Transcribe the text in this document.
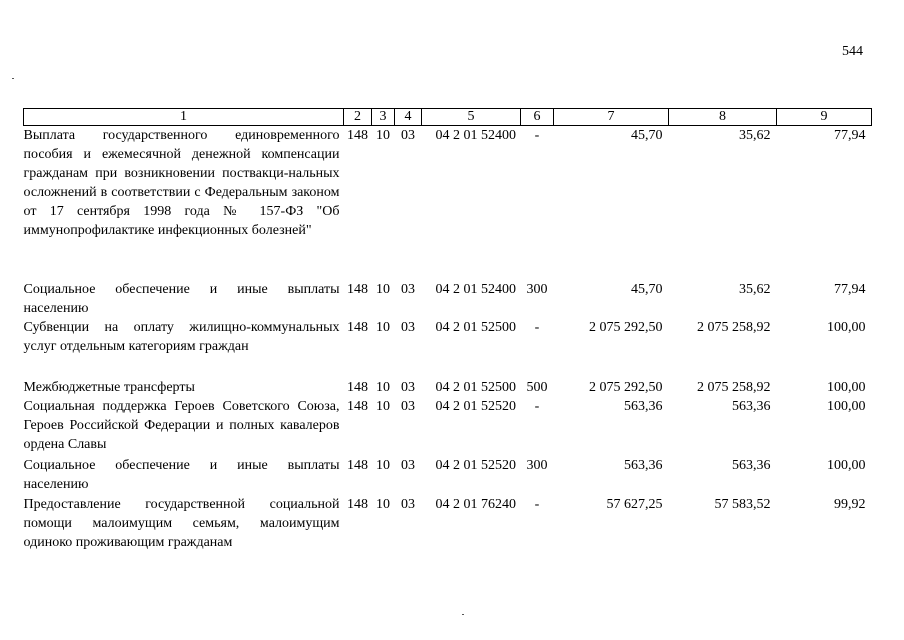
544
1	2	3	4	5	6	7	8	9
Выплата государственного единовременного пособия и ежемесячной денежной компенсации гражданам при возникновении поствакци-нальных осложнений в соответствии с Федеральным законом от 17 сентября 1998 года № 157-ФЗ "Об иммунопрофилактике инфекционных болезней"	148	10	03	04 2 01 52400	-	45,70	35,62	77,94
Социальное обеспечение и иные выплаты населению	148	10	03	04 2 01 52400	300	45,70	35,62	77,94
Субвенции на оплату жилищно-коммунальных услуг отдельным категориям граждан	148	10	03	04 2 01 52500	-	2 075 292,50	2 075 258,92	100,00
Межбюджетные трансферты	148	10	03	04 2 01 52500	500	2 075 292,50	2 075 258,92	100,00
Социальная поддержка Героев Советского Союза, Героев Российской Федерации и полных кавалеров ордена Славы	148	10	03	04 2 01 52520	-	563,36	563,36	100,00
Социальное обеспечение и иные выплаты населению	148	10	03	04 2 01 52520	300	563,36	563,36	100,00
Предоставление государственной социальной помощи малоимущим семьям, малоимущим одиноко проживающим гражданам	148	10	03	04 2 01 76240	-	57 627,25	57 583,52	99,92
